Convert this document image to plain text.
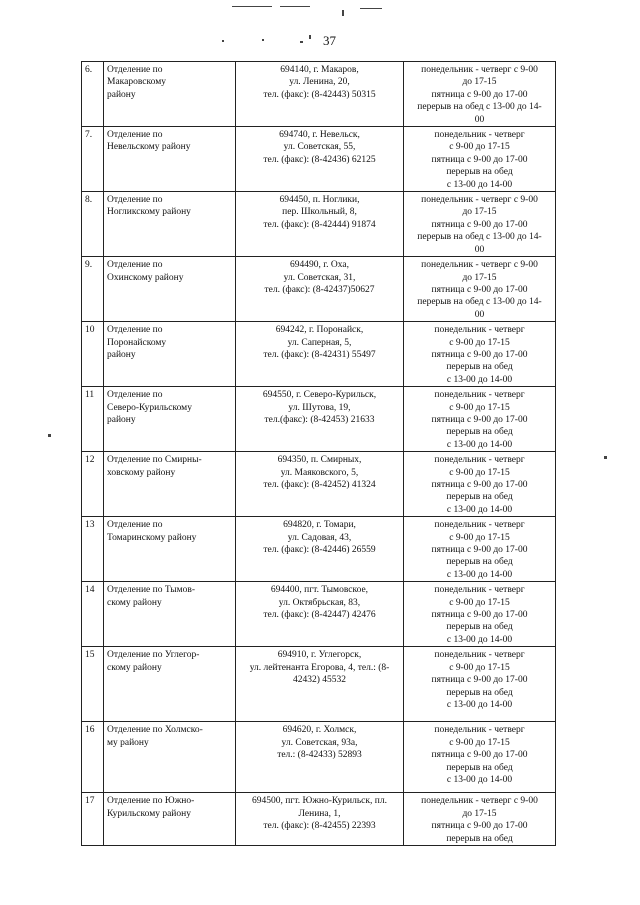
37
6.	Отделение по
Макаровскому
району	694140, г. Макаров,
ул. Ленина, 20,
тел. (факс): (8-42443) 50315	понедельник - четверг с 9-00
до 17-15
пятница с 9-00 до 17-00
перерыв на обед с 13-00 до 14-
00

7.	Отделение по
Невельскому району	694740, г. Невельск,
ул. Советская, 55,
тел. (факс): (8-42436) 62125	понедельник - четверг
с 9-00 до 17-15
пятница с 9-00 до 17-00
перерыв на обед
с 13-00 до 14-00

8.	Отделение по
Ногликскому району	694450, п. Ноглики,
пер. Школьный, 8,
тел. (факс): (8-42444) 91874	понедельник - четверг с 9-00
до 17-15
пятница с 9-00 до 17-00
перерыв на обед с 13-00 до 14-
00

9.	Отделение по
Охинскому району	694490, г. Оха,
ул. Советская, 31,
тел. (факс): (8-42437)50627	понедельник - четверг с 9-00
до 17-15
пятница с 9-00 до 17-00
перерыв на обед с 13-00 до 14-
00

10	Отделение по
Поронайскому
району	694242, г. Поронайск,
ул. Саперная, 5,
тел. (факс): (8-42431) 55497	понедельник - четверг
с 9-00 до 17-15
пятница с 9-00 до 17-00
перерыв на обед
с 13-00 до 14-00

11	Отделение по
Северо-Курильскому
району	694550, г. Северо-Курильск,
ул. Шутова, 19,
тел.(факс): (8-42453) 21633	понедельник - четверг
с 9-00 до 17-15
пятница с 9-00 до 17-00
перерыв на обед
с 13-00 до 14-00

12	Отделение по Смирны-
ховскому району	694350, п. Смирных,
ул. Маяковского, 5,
тел. (факс): (8-42452) 41324	понедельник - четверг
с 9-00 до 17-15
пятница с 9-00 до 17-00
перерыв на обед
с 13-00 до 14-00

13	Отделение по
Томаринскому району	694820, г. Томари,
ул. Садовая, 43,
тел. (факс): (8-42446) 26559	понедельник - четверг
с 9-00 до 17-15
пятница с 9-00 до 17-00
перерыв на обед
с 13-00 до 14-00

14	Отделение по Тымов-
скому району	694400, пгт. Тымовское,
ул. Октябрьская, 83,
тел. (факс): (8-42447) 42476	понедельник - четверг
с 9-00 до 17-15
пятница с 9-00 до 17-00
перерыв на обед
с 13-00 до 14-00

15	Отделение по Углегор-
скому району	694910, г. Углегорск,
ул. лейтенанта Егорова, 4, тел.: (8-
42432) 45532	понедельник - четверг
с 9-00 до 17-15
пятница с 9-00 до 17-00
перерыв на обед
с 13-00 до 14-00

16	Отделение по Холмско-
му району	694620, г. Холмск,
ул. Советская, 93а,
тел.: (8-42433) 52893	понедельник - четверг
с 9-00 до 17-15
пятница с 9-00 до 17-00
перерыв на обед
с 13-00 до 14-00

17	Отделение по Южно-
Курильскому району	694500, пгт. Южно-Курильск, пл.
Ленина, 1,
тел. (факс): (8-42455) 22393	понедельник - четверг с 9-00
до 17-15
пятница с 9-00 до 17-00
перерыв на обед
